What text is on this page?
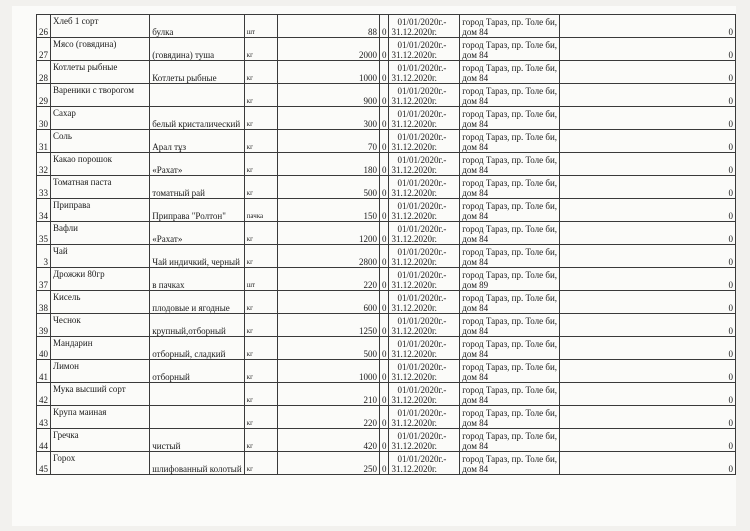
26	Хлеб 1 сорт	булка	шт	88	0	01/01/2020г.-
31.12.2020г.	город Тараз, пр. Толе би,
дом 84	0
27	Мясо (говядина)	(говядина) туша	кг	2000	0	01/01/2020г.-
31.12.2020г.	город Тараз, пр. Толе би,
дом 84	0
28	Котлеты рыбные	Котлеты рыбные	кг	1000	0	01/01/2020г.-
31.12.2020г.	город Тараз, пр. Толе би,
дом 84	0
29	Вареники с творогом		кг	900	0	01/01/2020г.-
31.12.2020г.	город Тараз, пр. Толе би,
дом 84	0
30	Сахар	белый кристалический	кг	300	0	01/01/2020г.-
31.12.2020г.	город Тараз, пр. Толе би,
дом 84	0
31	Соль	Арал тұз	кг	70	0	01/01/2020г.-
31.12.2020г.	город Тараз, пр. Толе би,
дом 84	0
32	Какао порошок	«Рахат»	кг	180	0	01/01/2020г.-
31.12.2020г.	город Тараз, пр. Толе би,
дом 84	0
33	Томатная паста	томатный рай	кг	500	0	01/01/2020г.-
31.12.2020г.	город Тараз, пр. Толе би,
дом 84	0
34	Приправа	Приправа "Ролтон"	пачка	150	0	01/01/2020г.-
31.12.2020г.	город Тараз, пр. Толе би,
дом 84	0
35	Вафли	«Рахат»	кг	1200	0	01/01/2020г.-
31.12.2020г.	город Тараз, пр. Толе би,
дом 84	0
3	Чай	Чай индичкий, черный	кг	2800	0	01/01/2020г.-
31.12.2020г.	город Тараз, пр. Толе би,
дом 84	0
37	Дрожжи 80гр	в пачках	шт	220	0	01/01/2020г.-
31.12.2020г.	город Тараз, пр. Толе би,
дом 89	0
38	Кисель	плодовые и ягодные	кг	600	0	01/01/2020г.-
31.12.2020г.	город Тараз, пр. Толе би,
дом 84	0
39	Чеснок	крупный,отборный	кг	1250	0	01/01/2020г.-
31.12.2020г.	город Тараз, пр. Толе би,
дом 84	0
40	Мандарин	отборный, сладкий	кг	500	0	01/01/2020г.-
31.12.2020г.	город Тараз, пр. Толе би,
дом 84	0
41	Лимон	отборный	кг	1000	0	01/01/2020г.-
31.12.2020г.	город Тараз, пр. Толе би,
дом 84	0
42	Мука высший сорт		кг	210	0	01/01/2020г.-
31.12.2020г.	город Тараз, пр. Толе би,
дом 84	0
43	Крупа маиная		кг	220	0	01/01/2020г.-
31.12.2020г.	город Тараз, пр. Толе би,
дом 84	0
44	Гречка	чистый	кг	420	0	01/01/2020г.-
31.12.2020г.	город Тараз, пр. Толе би,
дом 84	0
45	Горох	шлифованный колотый	кг	250	0	01/01/2020г.-
31.12.2020г.	город Тараз, пр. Толе би,
дом 84	0
